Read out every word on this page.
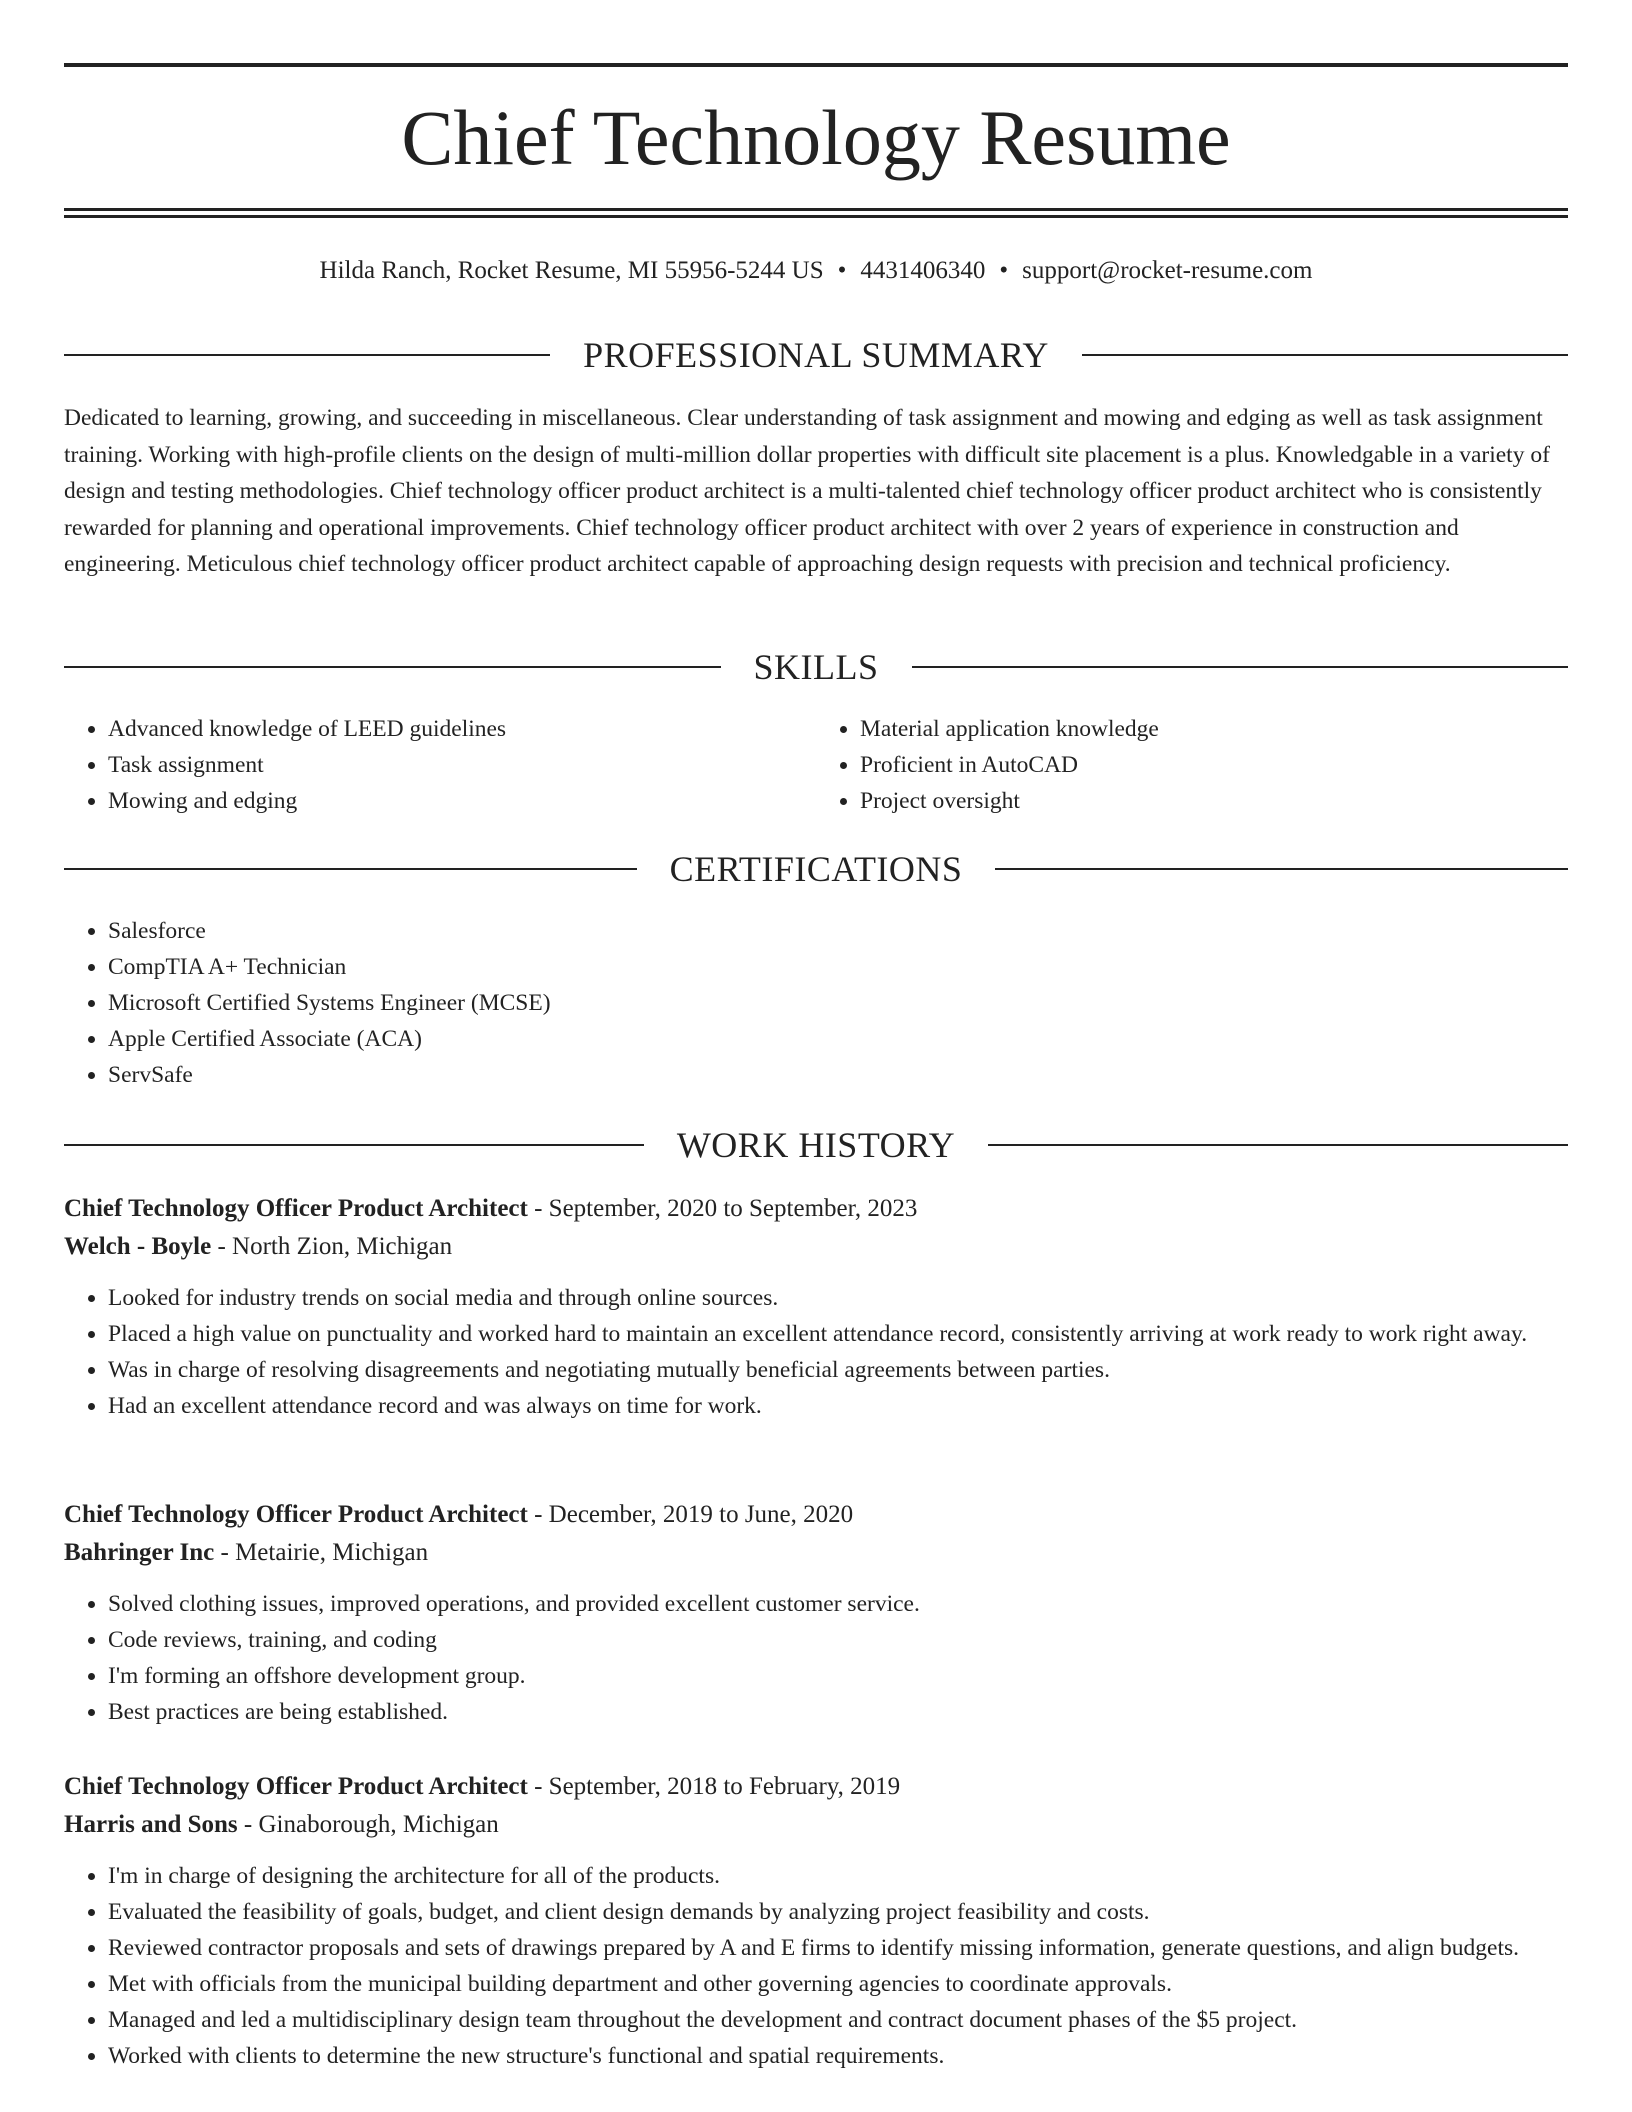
Chief Technology Resume
Hilda Ranch, Rocket Resume, MI 55956-5244 US • 4431406340 • support@rocket-resume.com
PROFESSIONAL SUMMARY

Dedicated to learning, growing, and succeeding in miscellaneous. Clear understanding of task assignment and mowing and edging as well as task assignment training. Working with high-profile clients on the design of multi-million dollar properties with difficult site placement is a plus. Knowledgable in a variety of design and testing methodologies. Chief technology officer product architect is a multi-talented chief technology officer product architect who is consistently rewarded for planning and operational improvements. Chief technology officer product architect with over 2 years of experience in construction and engineering. Meticulous chief technology officer product architect capable of approaching design requests with precision and technical proficiency.

SKILLS
• Advanced knowledge of LEED guidelines
• Task assignment
• Mowing and edging
• Material application knowledge
• Proficient in AutoCAD
• Project oversight
CERTIFICATIONS
• Salesforce
• CompTIA A+ Technician
• Microsoft Certified Systems Engineer (MCSE)
• Apple Certified Associate (ACA)
• ServSafe
WORK HISTORY
Chief Technology Officer Product Architect - September, 2020 to September, 2023
Welch - Boyle - North Zion, Michigan
• Looked for industry trends on social media and through online sources.
• Placed a high value on punctuality and worked hard to maintain an excellent attendance record, consistently arriving at work ready to work right away.
• Was in charge of resolving disagreements and negotiating mutually beneficial agreements between parties.
• Had an excellent attendance record and was always on time for work.
Chief Technology Officer Product Architect - December, 2019 to June, 2020
Bahringer Inc - Metairie, Michigan
• Solved clothing issues, improved operations, and provided excellent customer service.
• Code reviews, training, and coding
• I'm forming an offshore development group.
• Best practices are being established.
Chief Technology Officer Product Architect - September, 2018 to February, 2019
Harris and Sons - Ginaborough, Michigan
• I'm in charge of designing the architecture for all of the products.
• Evaluated the feasibility of goals, budget, and client design demands by analyzing project feasibility and costs.
• Reviewed contractor proposals and sets of drawings prepared by A and E firms to identify missing information, generate questions, and align budgets.
• Met with officials from the municipal building department and other governing agencies to coordinate approvals.
• Managed and led a multidisciplinary design team throughout the development and contract document phases of the $5 project.
• Worked with clients to determine the new structure's functional and spatial requirements.
